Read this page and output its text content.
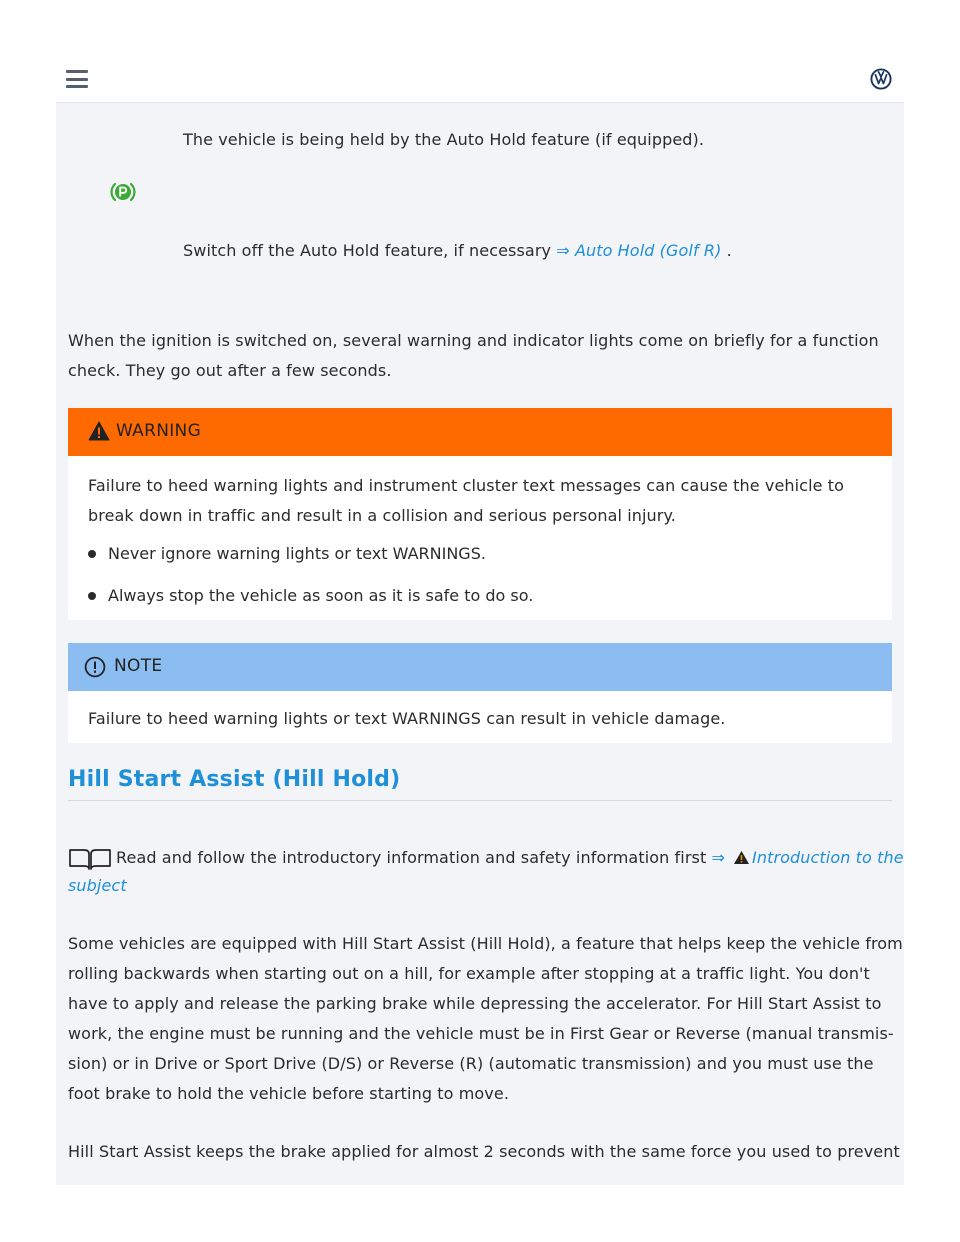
The vehicle is being held by the Auto Hold feature (if equipped).

Switch off the Auto Hold feature, if necessary ⇒ Auto Hold (Golf R) .

When the ignition is switched on, several warning and indicator lights come on briefly for a function

check. They go out after a few seconds.

WARNING

Failure to heed warning lights and instrument cluster text messages can cause the vehicle to

break down in traffic and result in a collision and serious personal injury.

Never ignore warning lights or text WARNINGS.
Always stop the vehicle as soon as it is safe to do so.
NOTE

Failure to heed warning lights or text WARNINGS can result in vehicle damage.

Hill Start Assist (Hill Hold)

Read and follow the introductory information and safety information first ⇒ Introduction to the

subject

Some vehicles are equipped with Hill Start Assist (Hill Hold), a feature that helps keep the vehicle from

rolling backwards when starting out on a hill, for example after stopping at a traffic light. You don't

have to apply and release the parking brake while depressing the accelerator. For Hill Start Assist to

work, the engine must be running and the vehicle must be in First Gear or Reverse (manual transmis-

sion) or in Drive or Sport Drive (D/S) or Reverse (R) (automatic transmission) and you must use the

foot brake to hold the vehicle before starting to move.

Hill Start Assist keeps the brake applied for almost 2 seconds with the same force you used to prevent
